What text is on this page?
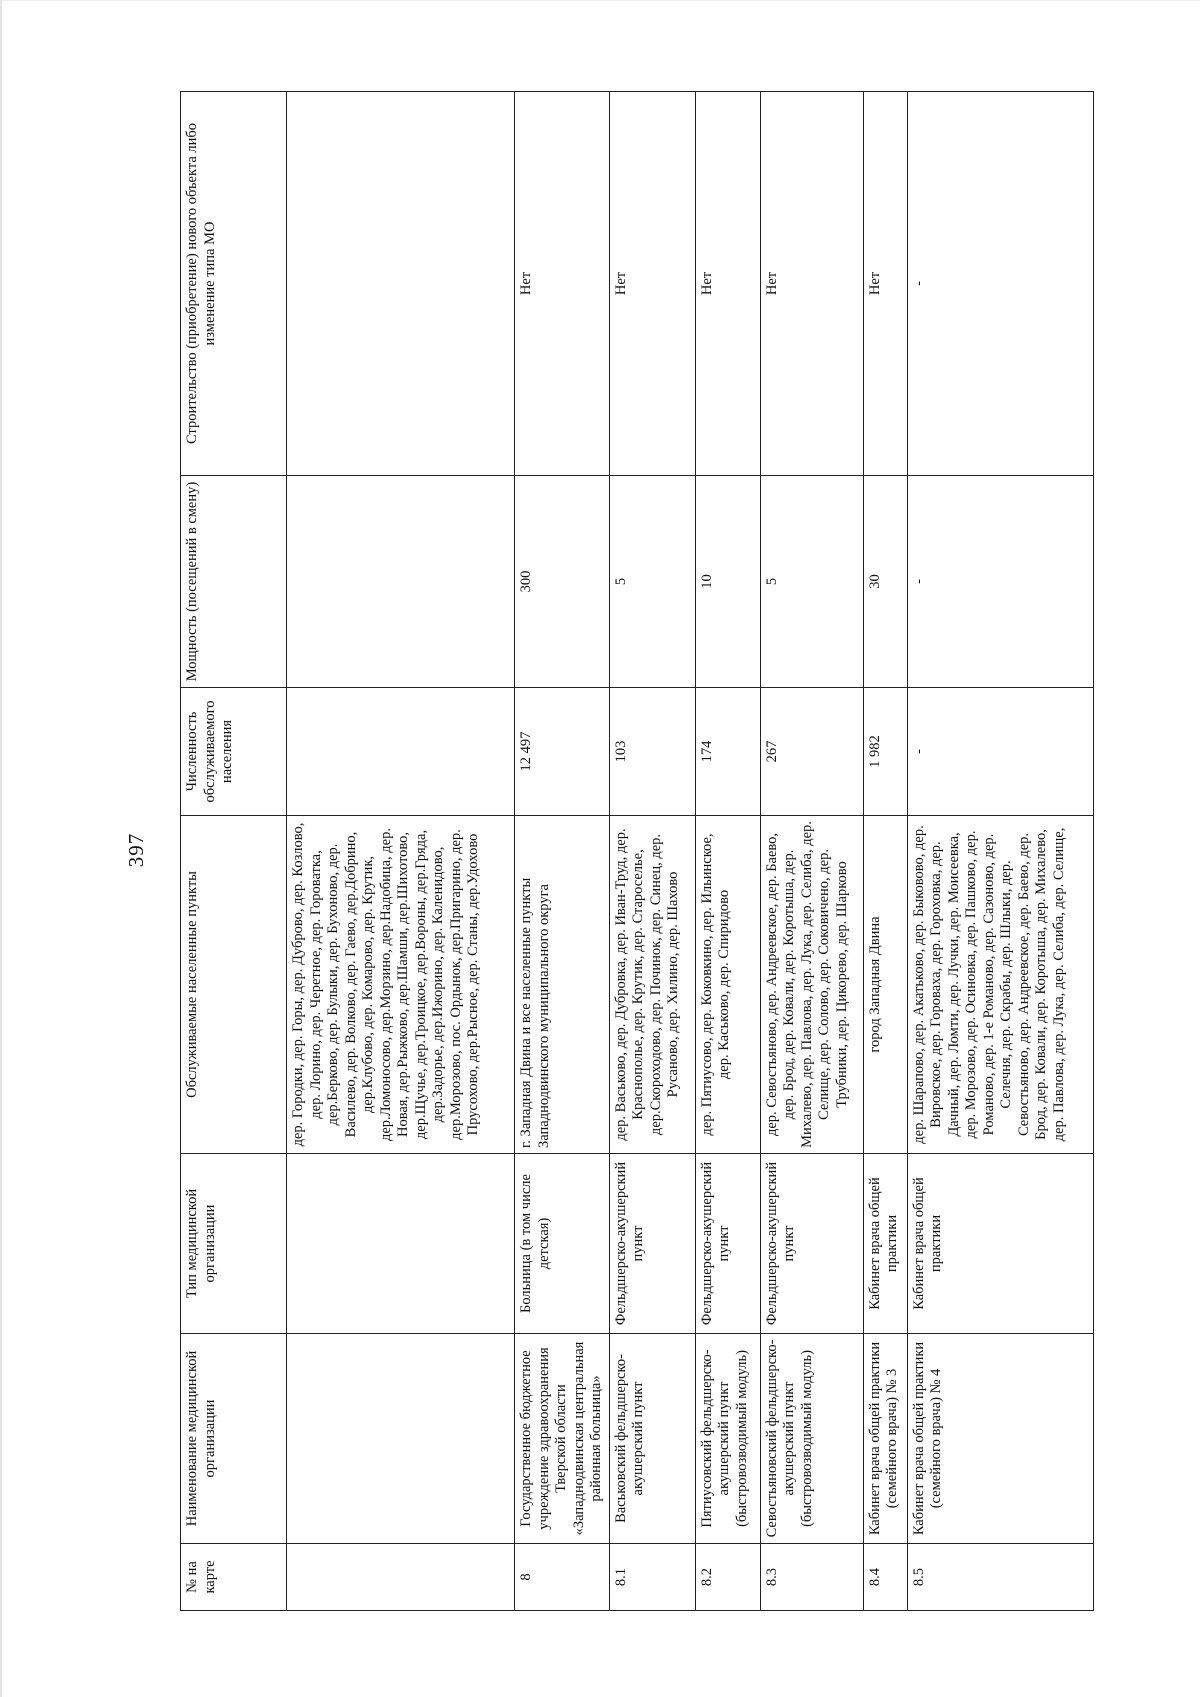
397
№ на карте	Наименование медицинской организации	Тип медицинской организации	Обслуживаемые населенные пункты	Численность обслуживаемого населения	Мощность (посещений в смену)	Строительство (приобретение) нового объекта либо изменение типа МО
			дер. Городки, дер. Горы, дер. Дуброво, дер. Козлово, дер. Лорино, дер. Черетное, дер. Гороватка, дер.Берково, дер. Булыки, дер. Бухоново, дер. Василево, дер. Волково, дер. Гаево, дер.Добрино, дер.Клубово, дер. Комарово, дер. Крутик, дер.Ломоносово, дер.Морзино, дер.Надобица, дер. Новая, дер.Рыжково, дер.Шамши, дер.Шихотово, дер.Щучье, дер.Троицкое, дер.Вороны, дер.Гряда, дер.Задорье, дер.Ижорино, дер. Каленидово, дер.Морозово, пос. Ордынок, дер.Пригарино, дер. Прусохово, дер.Рысное, дер. Станы, дер.Удохово			
8	Государственное бюджетное учреждение здравоохранения Тверской области «Западнодвинская центральная районная больница»	Больница (в том числе детская)	г. Западная Двина и все населенные пункты Западнодвинского муниципального округа	12 497	300	Нет
8.1	Васьковский фельдшерско-акушерский пункт	Фельдшерско-акушерский пункт	дер. Васьково, дер. Дубровка, дер. Иван-Труд, дер. Краснополье, дер. Крутик, дер. Староселье, дер.Скороходово, дер. Починок, дер. Синец, дер. Русаново, дер. Хилино, дер. Шахово	103	5	Нет
8.2	Пятиусовский фельдшерско-акушерский пункт (быстровозводимый модуль)	Фельдшерско-акушерский пункт	дер. Пятиусово, дер. Коковкино, дер. Ильинское, дер. Каськово, дер. Спиридово	174	10	Нет
8.3	Севостьяновский фельдшерско-акушерский пункт (быстровозводимый модуль)	Фельдшерско-акушерский пункт	дер. Севостьяново, дер. Андреевское, дер. Баево, дер. Брод, дер. Ковали, дер. Коротыша, дер. Михалево, дер. Павлова, дер. Лука, дер. Селиба, дер. Селище, дер. Солово, дер. Соковичено, дер. Трубники, дер. Цикорево, дер. Шарково	267	5	Нет
8.4	Кабинет врача общей практики (семейного врача) № 3	Кабинет врача общей практики	город Западная Двина	1 982	30	Нет
8.5	Кабинет врача общей практики (семейного врача) № 4	Кабинет врача общей практики	дер. Шарапово, дер. Акатьково, дер. Быковово, дер. Вировское, дер. Гороваха, дер. Гороховка, дер. Дачный, дер. Ломти, дер. Лучки, дер. Моисеевка, дер. Морозово, дер. Осиновка, дер. Пашково, дер. Романово, дер. 1-е Романово, дер. Сазоново, дер. Селечня, дер. Скрабы, дер. Шлыки, дер. Севостьяново, дер. Андреевское, дер. Баево, дер. Брод, дер. Ковали, дер. Коротыша, дер. Михалево, дер. Павлова, дер. Лука, дер. Селиба, дер. Селище,	-	-	-
